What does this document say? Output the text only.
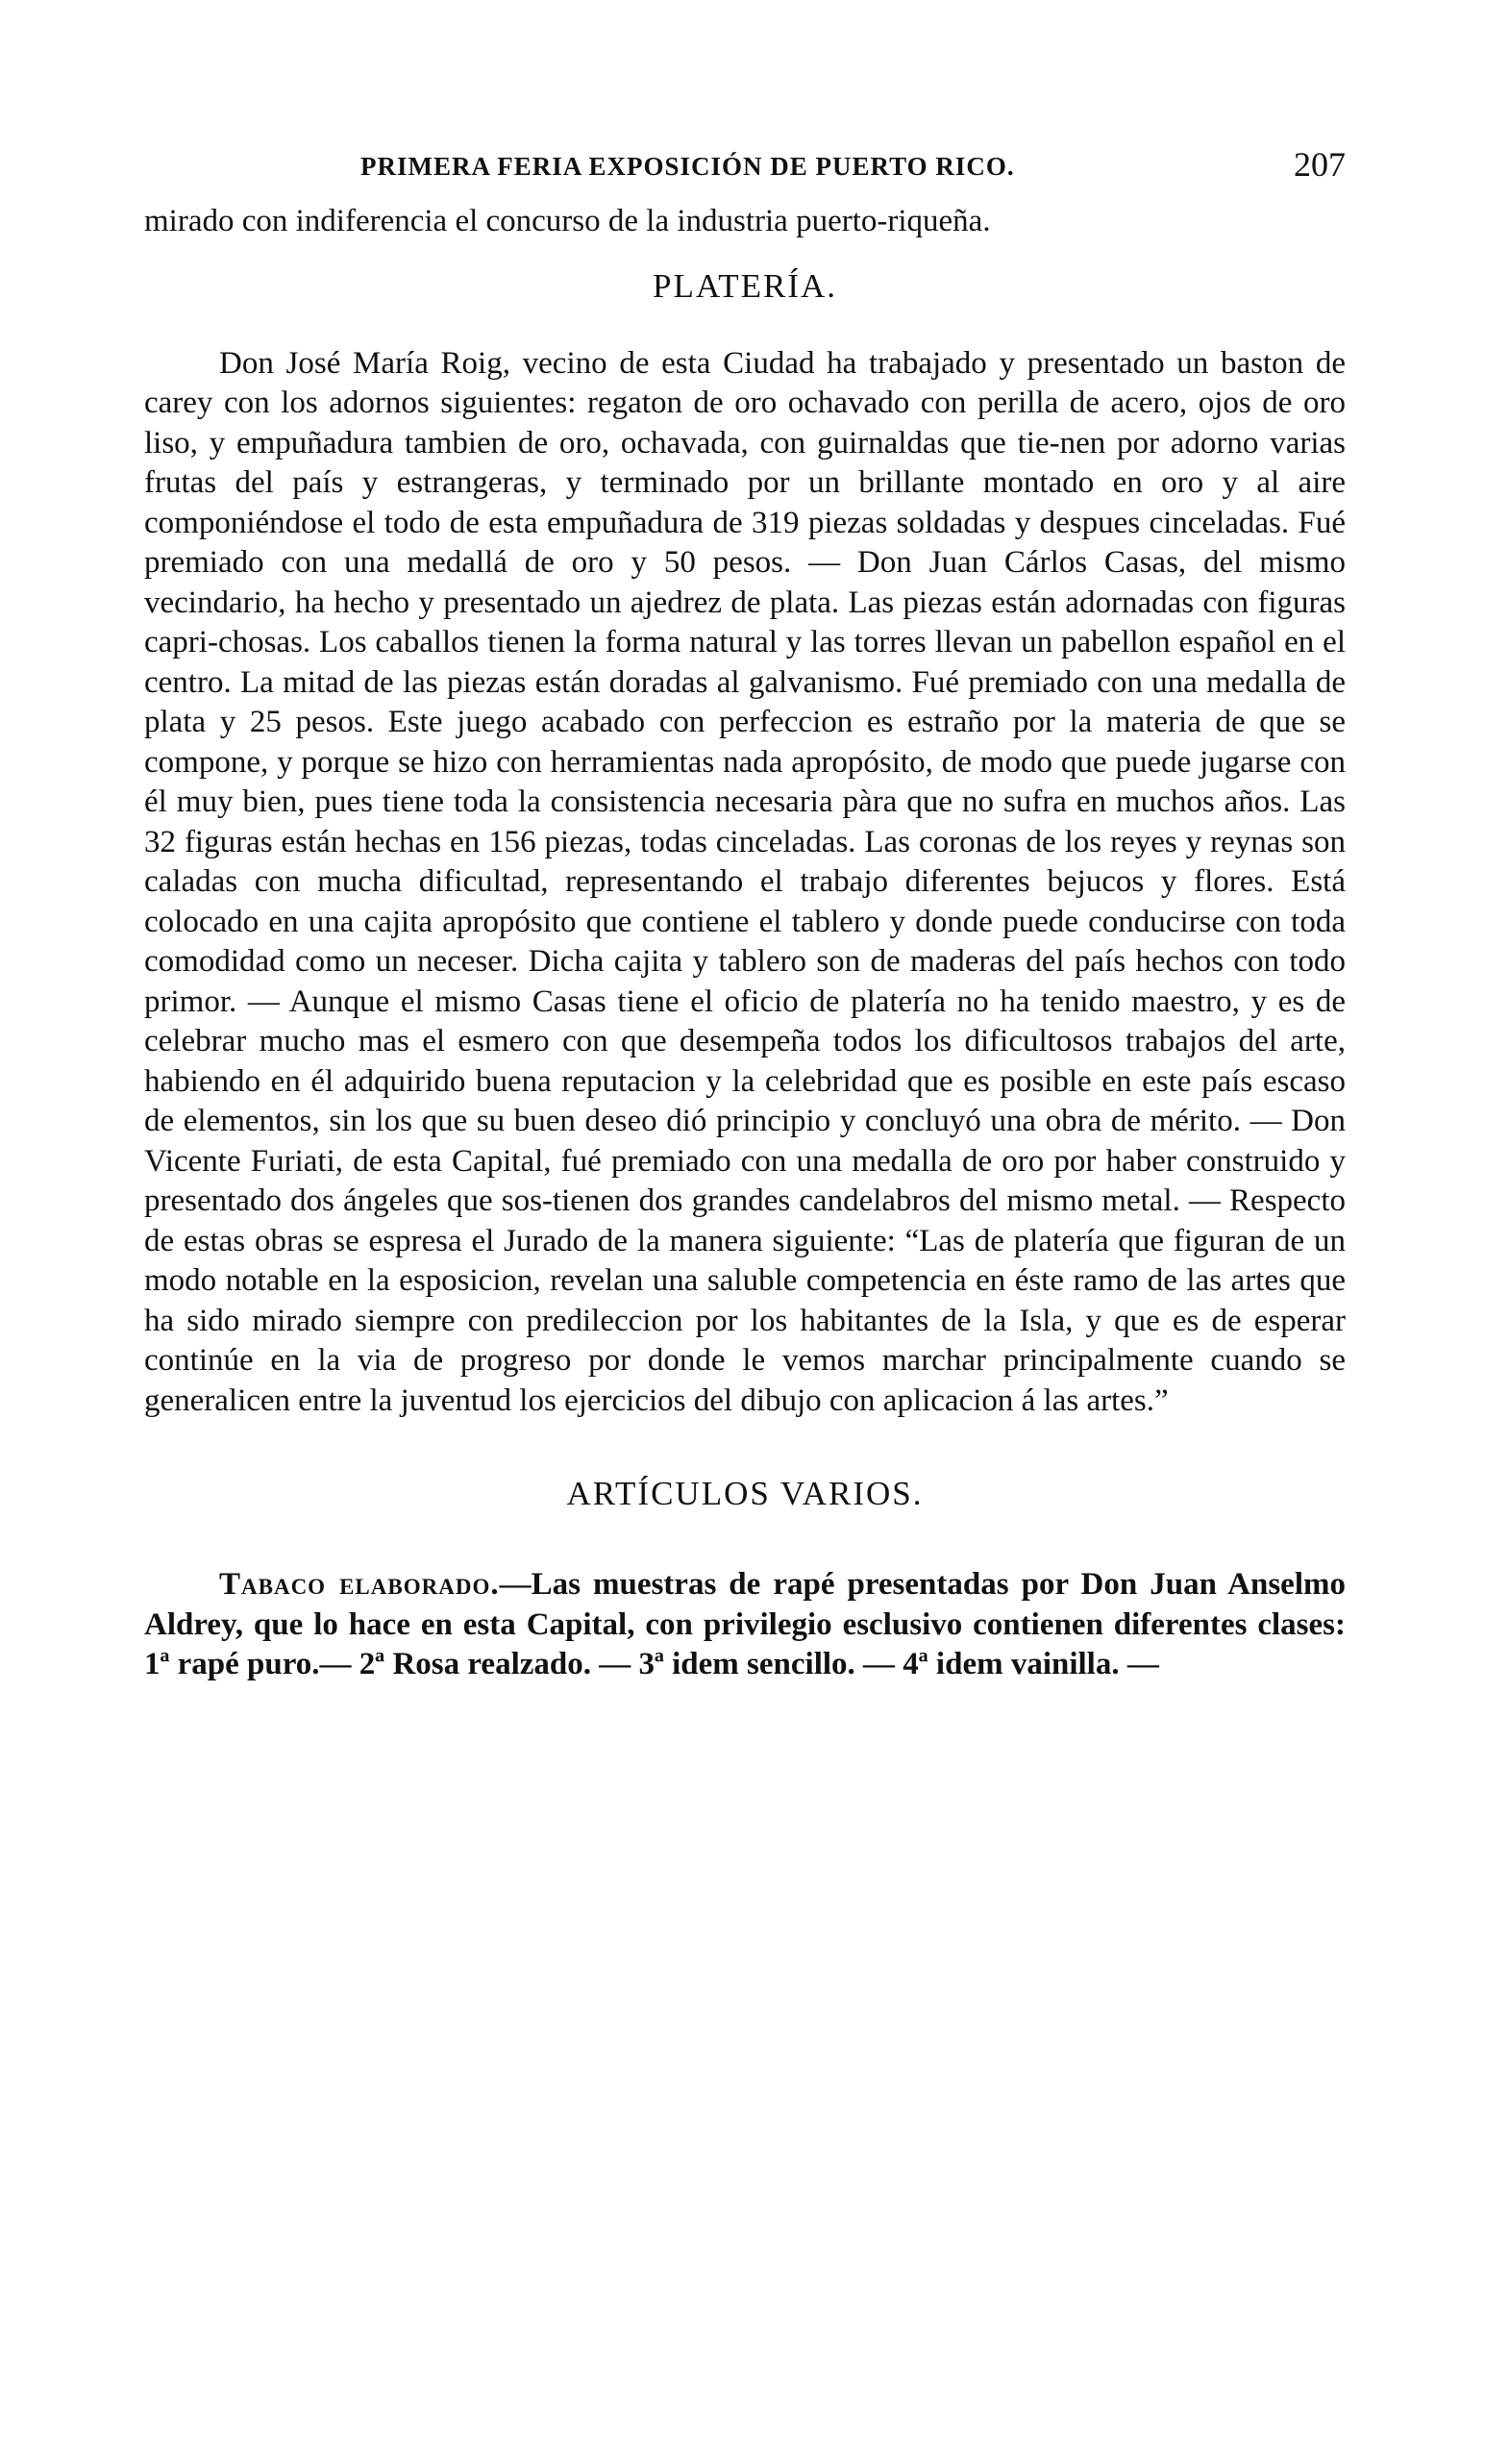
PRIMERA FERIA EXPOSICIÓN DE PUERTO RICO.	207

mirado con indiferencia el concurso de la industria puerto-riqueña.

PLATERÍA.

Don José María Roig, vecino de esta Ciudad ha trabajado y presentado un baston de carey con los adornos siguientes: regaton de oro ochavado con perilla de acero, ojos de oro liso, y empuñadura tambien de oro, ochavada, con guirnaldas que tie-nen por adorno varias frutas del país y estrangeras, y terminado por un brillante montado en oro y al aire componiéndose el todo de esta empuñadura de 319 piezas soldadas y despues cinceladas. Fué premiado con una medallá de oro y 50 pesos. — Don Juan Cárlos Casas, del mismo vecindario, ha hecho y presentado un ajedrez de plata. Las piezas están adornadas con figuras capri-chosas. Los caballos tienen la forma natural y las torres llevan un pabellon español en el centro. La mitad de las piezas están doradas al galvanismo. Fué premiado con una medalla de plata y 25 pesos. Este juego acabado con perfeccion es estraño por la materia de que se compone, y porque se hizo con herramientas nada apropósito, de modo que puede jugarse con él muy bien, pues tiene toda la consistencia necesaria pàra que no sufra en muchos años. Las 32 figuras están hechas en 156 piezas, todas cinceladas. Las coronas de los reyes y reynas son caladas con mucha dificultad, representando el trabajo diferentes bejucos y flores. Está colocado en una cajita apropósito que contiene el tablero y donde puede conducirse con toda comodidad como un neceser. Dicha cajita y tablero son de maderas del país hechos con todo primor. — Aunque el mismo Casas tiene el oficio de platería no ha tenido maestro, y es de celebrar mucho mas el esmero con que desempeña todos los dificultosos trabajos del arte, habiendo en él adquirido buena reputacion y la celebridad que es posible en este país escaso de elementos, sin los que su buen deseo dió principio y concluyó una obra de mérito. — Don Vicente Furiati, de esta Capital, fué premiado con una medalla de oro por haber construido y presentado dos ángeles que sos-tienen dos grandes candelabros del mismo metal. — Respecto de estas obras se espresa el Jurado de la manera siguiente: “Las de platería que figuran de un modo notable en la esposicion, revelan una saluble competencia en éste ramo de las artes que ha sido mirado siempre con predileccion por los habitantes de la Isla, y que es de esperar continúe en la via de progreso por donde le vemos marchar principalmente cuando se generalicen entre la juventud los ejercicios del dibujo con aplicacion á las artes.”

ARTÍCULOS VARIOS.

Tabaco elaborado.—Las muestras de rapé presentadas por Don Juan Anselmo Aldrey, que lo hace en esta Capital, con privilegio esclusivo contienen diferentes clases: 1ª rapé puro.— 2ª Rosa realzado. — 3ª idem sencillo. — 4ª idem vainilla. —
